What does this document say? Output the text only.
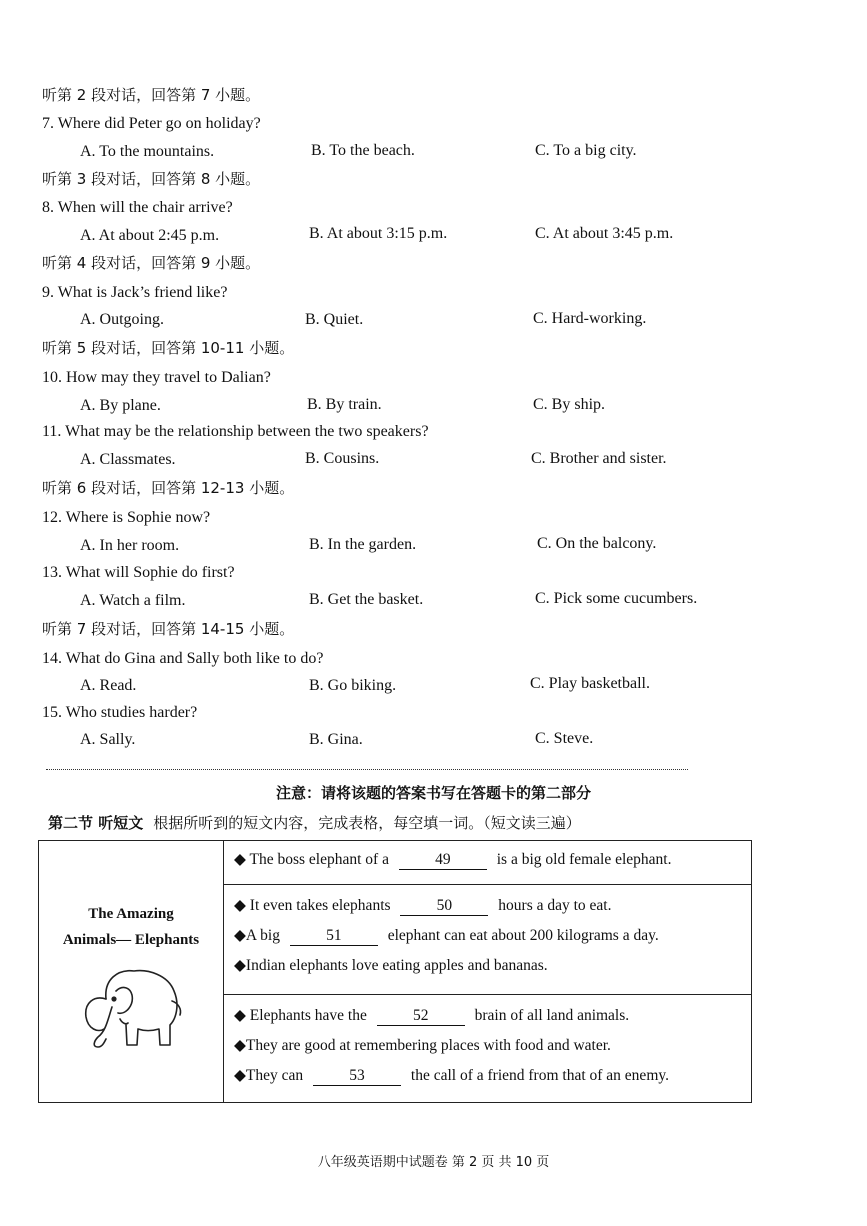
听第 2 段对话，回答第 7 小题。
7. Where did Peter go on holiday?
A. To the mountains.	B. To the beach.	C. To a big city.
听第 3 段对话，回答第 8 小题。
8. When will the chair arrive?
A. At about 2:45 p.m.	B. At about 3:15 p.m.	C. At about 3:45 p.m.
听第 4 段对话，回答第 9 小题。
9. What is Jack’s friend like?
A. Outgoing.	B. Quiet.	C. Hard-working.
听第 5 段对话，回答第 10-11 小题。
10. How may they travel to Dalian?
A. By plane.	B. By train.	C. By ship.
11. What may be the relationship between the two speakers?
A. Classmates.	B. Cousins.	C. Brother and sister.
听第 6 段对话，回答第 12-13 小题。
12. Where is Sophie now?
A. In her room.	B. In the garden.	C. On the balcony.
13. What will Sophie do first?
A. Watch a film.	B. Get the basket.	C. Pick some cucumbers.
听第 7 段对话，回答第 14-15 小题。
14. What do Gina and Sally both like to do?
A. Read.	B. Go biking.	C. Play basketball.
15. Who studies harder?
A. Sally.	B. Gina.	C. Steve.
注意：请将该题的答案书写在答题卡的第二部分
第二节 听短文 根据所听到的短文内容，完成表格，每空填一词。（短文读三遍）
The Amazing
Animals— Elephants

◆ The boss elephant of a	49	is a big old female elephant.

◆ It even takes elephants	50	hours a day to eat.
◆A big	51	elephant can eat about 200 kilograms a day.
◆Indian elephants love eating apples and bananas.

◆ Elephants have the	52	brain of all land animals.
◆They are good at remembering places with food and water.
◆They can	53	the call of a friend from that of an enemy.
八年级英语期中试题卷 第 2 页 共 10 页
